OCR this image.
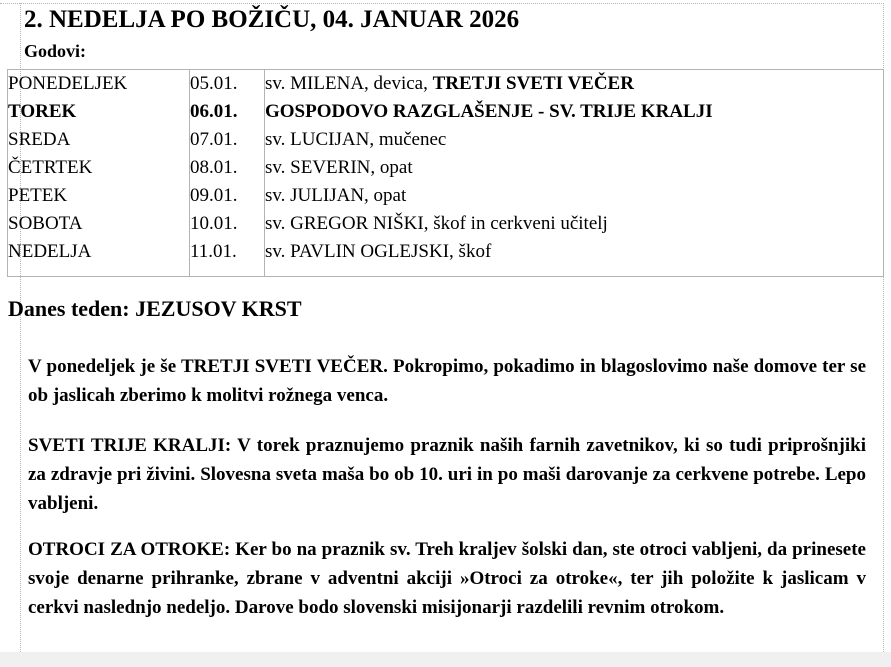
2. NEDELJA PO BOŽIČU, 04. JANUAR 2026
Godovi:
PONEDELJEK	05.01.	sv. MILENA, devica, TRETJI SVETI VEČER
TOREK	06.01.	GOSPODOVO RAZGLAŠENJE - SV. TRIJE KRALJI
SREDA	07.01.	sv. LUCIJAN, mučenec
ČETRTEK	08.01.	sv. SEVERIN, opat
PETEK	09.01.	sv. JULIJAN, opat
SOBOTA	10.01.	sv. GREGOR NIŠKI, škof in cerkveni učitelj
NEDELJA	11.01.	sv. PAVLIN OGLEJSKI, škof

Danes teden: JEZUSOV KRST

V ponedeljek je še TRETJI SVETI VEČER. Pokropimo, pokadimo in blagoslovimo naše domove ter se ob jaslicah zberimo k molitvi rožnega venca.

SVETI TRIJE KRALJI: V torek praznujemo praznik naših farnih zavetnikov, ki so tudi priprošnjiki za zdravje pri živini. Slovesna sveta maša bo ob 10. uri in po maši darovanje za cerkvene potrebe. Lepo vabljeni.

OTROCI ZA OTROKE: Ker bo na praznik sv. Treh kraljev šolski dan, ste otroci vabljeni, da prinesete svoje denarne prihranke, zbrane v adventni akciji »Otroci za otroke«, ter jih položite k jaslicam v cerkvi naslednjo nedeljo. Darove bodo slovenski misijonarji razdelili revnim otrokom.
